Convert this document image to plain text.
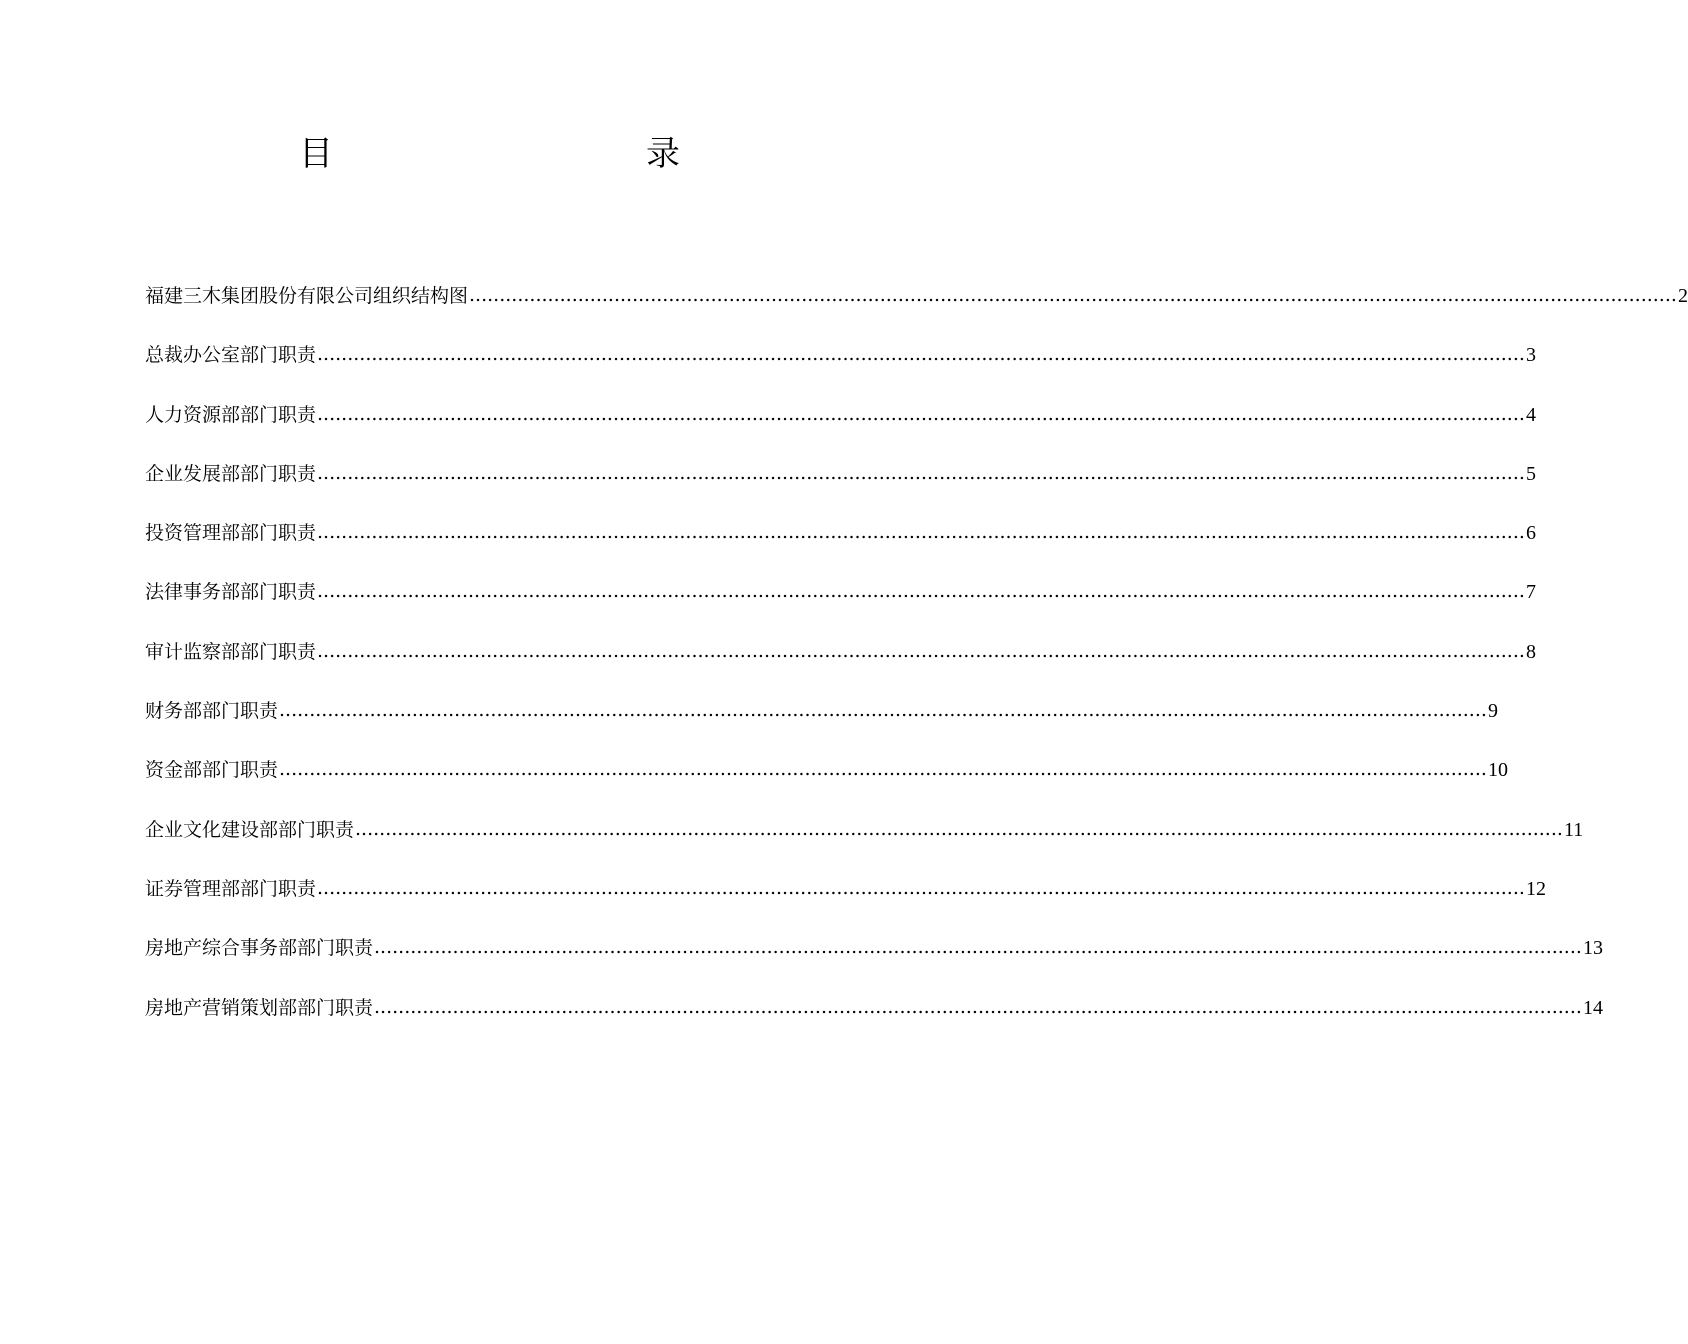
目	录
福建三木集团股份有限公司组织结构图 ........................................................................................................................................................................................................ 2
总裁办公室部门职责 ........................................................................................................................................................................................................ 3
人力资源部部门职责 ........................................................................................................................................................................................................ 4
企业发展部部门职责 ........................................................................................................................................................................................................ 5
投资管理部部门职责 ........................................................................................................................................................................................................ 6
法律事务部部门职责 ........................................................................................................................................................................................................ 7
审计监察部部门职责 ........................................................................................................................................................................................................ 8
财务部部门职责 ........................................................................................................................................................................................................ 9
资金部部门职责 ........................................................................................................................................................................................................ 10
企业文化建设部部门职责 ........................................................................................................................................................................................................ 11
证券管理部部门职责 ........................................................................................................................................................................................................ 12
房地产综合事务部部门职责 ........................................................................................................................................................................................................ 13
房地产营销策划部部门职责 ........................................................................................................................................................................................................ 14
